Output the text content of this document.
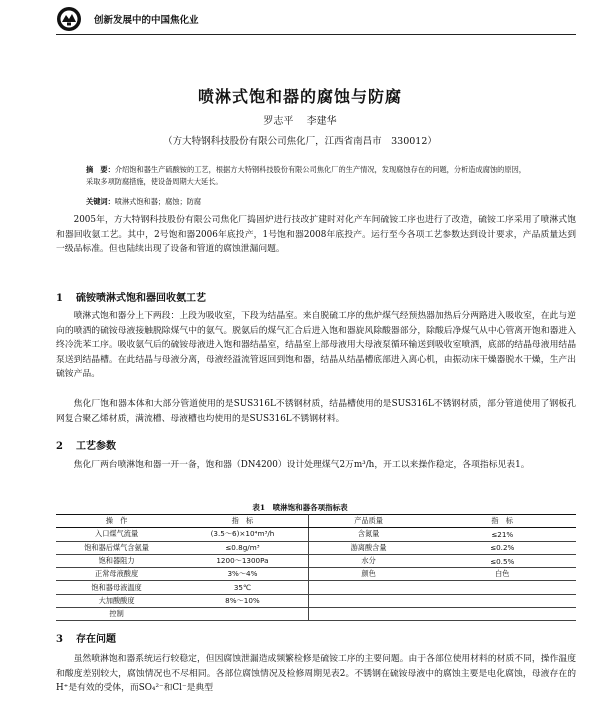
创新发展中的中国焦化业
喷淋式饱和器的腐蚀与防腐
罗志平 李建华
（方大特钢科技股份有限公司焦化厂，江西省南昌市　330012）
摘　要：介绍饱和器生产硫酸铵的工艺，根据方大特钢科技股份有限公司焦化厂的生产情况，发现腐蚀存在的问题，分析造成腐蚀的原因，采取多项防腐措施，使设备周期大大延长。
关键词：喷淋式饱和器；腐蚀；防腐
2005年，方大特钢科技股份有限公司焦化厂捣固炉进行技改扩建时对化产车间硫铵工序也进行了改造，硫铵工序采用了喷淋式饱和器回收氨工艺。其中，2号饱和器2006年底投产，1号饱和器2008年底投产。运行至今各项工艺参数达到设计要求，产品质量达到一级品标准。但也陆续出现了设备和管道的腐蚀泄漏问题。
1 硫铵喷淋式饱和器回收氨工艺
喷淋式饱和器分上下两段：上段为吸收室，下段为结晶室。来自脱硫工序的焦炉煤气经预热器加热后分两路进入吸收室，在此与逆向的喷洒的硫铵母液接触脱除煤气中的氨气。脱氨后的煤气汇合后进入饱和器旋风除酸器部分，除酸后净煤气从中心管离开饱和器进入终冷洗苯工序。吸收氨气后的硫铵母液进入饱和器结晶室，结晶室上部母液用大母液泵循环输送到吸收室喷洒，底部的结晶母液用结晶泵送到结晶槽。在此结晶与母液分离，母液经溢流管返回到饱和器，结晶从结晶槽底部进入离心机，由振动床干燥器脱水干燥，生产出硫铵产品。
焦化厂饱和器本体和大部分管道使用的是SUS316L不锈钢材质，结晶槽使用的是SUS316L不锈钢材质，部分管道使用了钢板孔网复合聚乙烯材质，满流槽、母液槽也均使用的是SUS316L不锈钢材料。
2 工艺参数
焦化厂两台喷淋饱和器一开一备，饱和器（DN4200）设计处理煤气2万m³/h，开工以来操作稳定，各项指标见表1。
表1　喷淋饱和器各项指标表
操　作	指　标	产品质量	指　标
入口煤气流量	(3.5～6)×10⁴m³/h	含氮量	≤21%
饱和器后煤气含氨量	≤0.8g/m³	游离酸含量	≤0.2%
饱和器阻力	1200～1300Pa	水分	≤0.5%
正常母液酸度	3%～4%	颜色	白色
饱和器母液温度	35℃		
大加酸酸度	8%～10%		
控制			
3 存在问题
虽然喷淋饱和器系统运行较稳定，但因腐蚀泄漏造成频繁检修是硫铵工序的主要问题。由于各部位使用材料的材质不同，操作温度和酸度差别较大，腐蚀情况也不尽相同。各部位腐蚀情况及检修周期见表2。不锈钢在硫铵母液中的腐蚀主要是电化腐蚀，母液存在的H⁺是有效的受体，而SO₄²⁻和Cl⁻是典型
